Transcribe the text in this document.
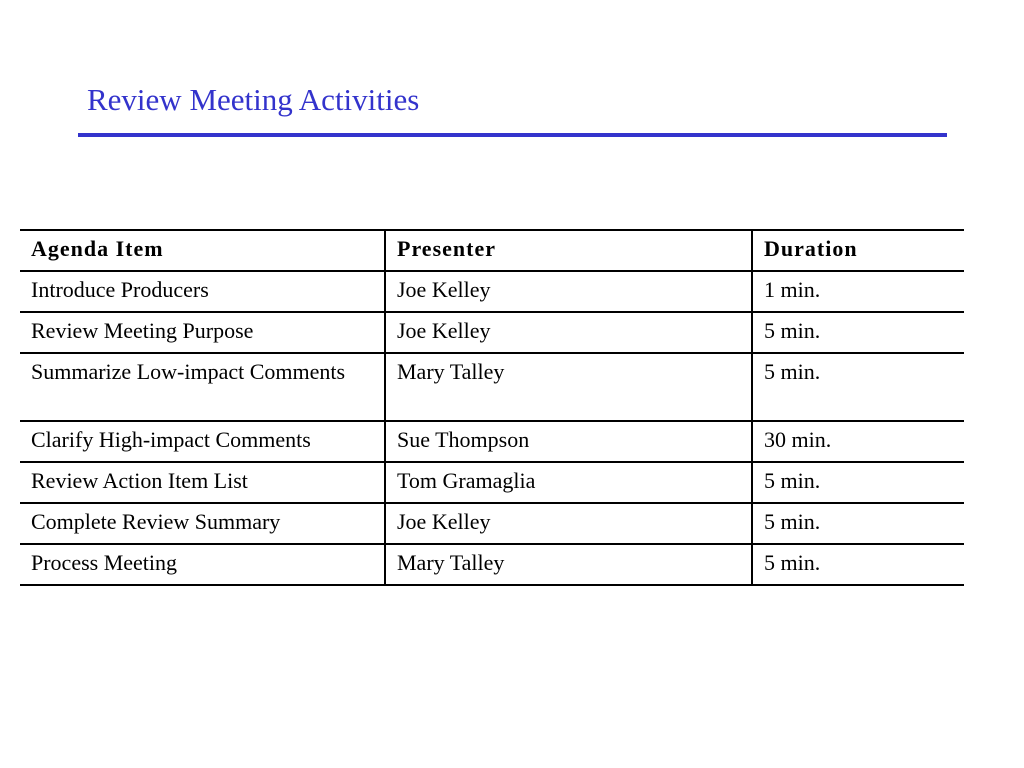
Review Meeting Activities
Agenda Item	Presenter	Duration
Introduce Producers	Joe Kelley	1 min.
Review Meeting Purpose	Joe Kelley	5 min.
Summarize Low-impact Comments	Mary Talley	5 min.
Clarify High-impact Comments	Sue Thompson	30 min.
Review Action Item List	Tom Gramaglia	5 min.
Complete Review Summary	Joe Kelley	5 min.
Process Meeting	Mary Talley	5 min.
